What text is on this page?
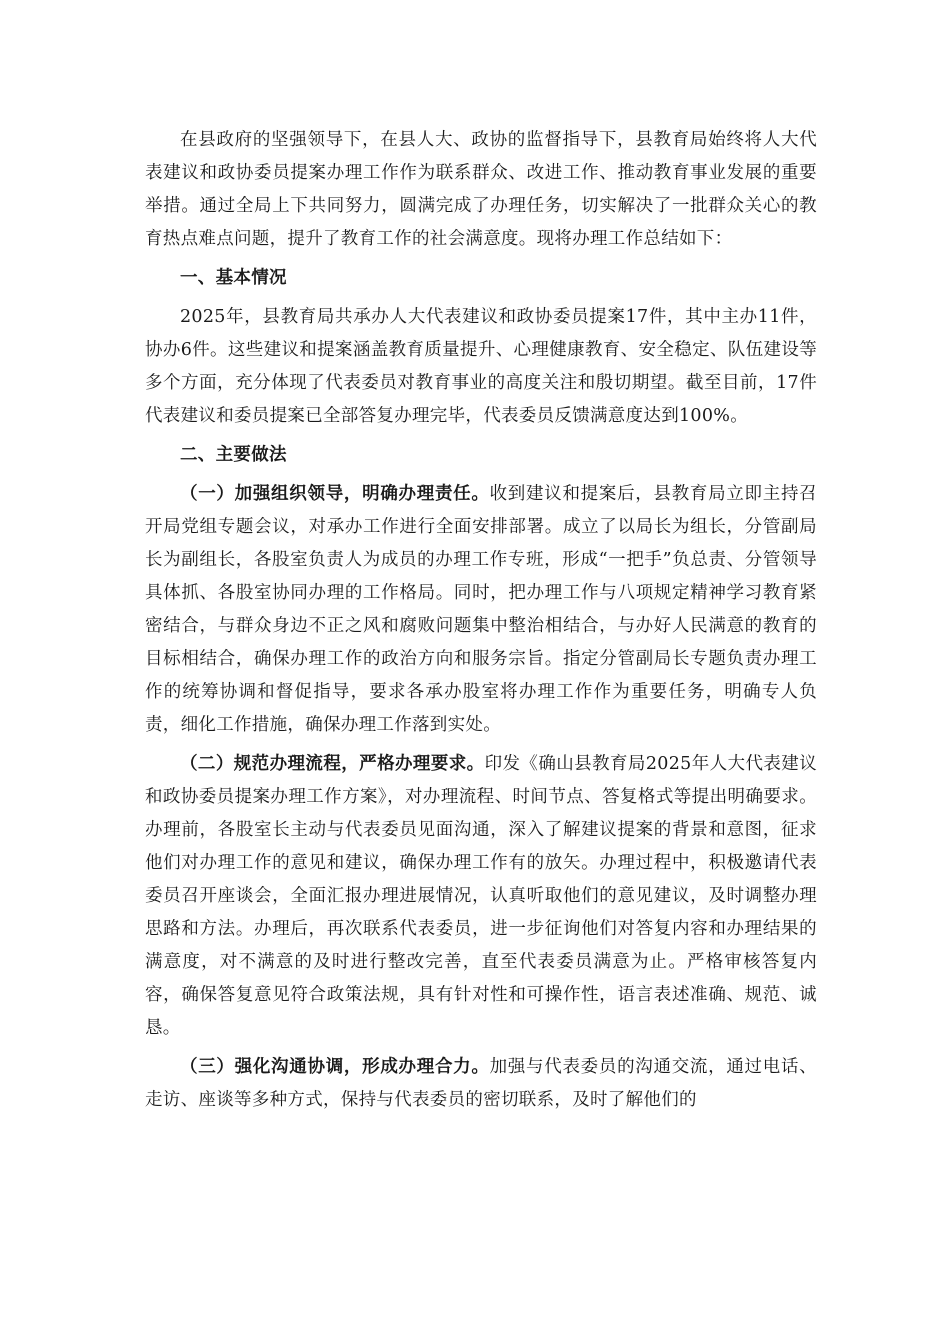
在县政府的坚强领导下，在县人大、政协的监督指导下，县教育局始终将人大代表建议和政协委员提案办理工作作为联系群众、改进工作、推动教育事业发展的重要举措。通过全局上下共同努力，圆满完成了办理任务，切实解决了一批群众关心的教育热点难点问题，提升了教育工作的社会满意度。现将办理工作总结如下：

一、基本情况

2025年，县教育局共承办人大代表建议和政协委员提案17件，其中主办11件，协办6件。这些建议和提案涵盖教育质量提升、心理健康教育、安全稳定、队伍建设等多个方面，充分体现了代表委员对教育事业的高度关注和殷切期望。截至目前，17件代表建议和委员提案已全部答复办理完毕，代表委员反馈满意度达到100%。

二、主要做法

（一）加强组织领导，明确办理责任。收到建议和提案后，县教育局立即主持召开局党组专题会议，对承办工作进行全面安排部署。成立了以局长为组长，分管副局长为副组长，各股室负责人为成员的办理工作专班，形成“一把手”负总责、分管领导具体抓、各股室协同办理的工作格局。同时，把办理工作与八项规定精神学习教育紧密结合，与群众身边不正之风和腐败问题集中整治相结合，与办好人民满意的教育的目标相结合，确保办理工作的政治方向和服务宗旨。指定分管副局长专题负责办理工作的统筹协调和督促指导，要求各承办股室将办理工作作为重要任务，明确专人负责，细化工作措施，确保办理工作落到实处。

（二）规范办理流程，严格办理要求。印发《确山县教育局2025年人大代表建议和政协委员提案办理工作方案》，对办理流程、时间节点、答复格式等提出明确要求。办理前，各股室长主动与代表委员见面沟通，深入了解建议提案的背景和意图，征求他们对办理工作的意见和建议，确保办理工作有的放矢。办理过程中，积极邀请代表委员召开座谈会，全面汇报办理进展情况，认真听取他们的意见建议，及时调整办理思路和方法。办理后，再次联系代表委员，进一步征询他们对答复内容和办理结果的满意度，对不满意的及时进行整改完善，直至代表委员满意为止。严格审核答复内容，确保答复意见符合政策法规，具有针对性和可操作性，语言表述准确、规范、诚恳。

（三）强化沟通协调，形成办理合力。加强与代表委员的沟通交流，通过电话、走访、座谈等多种方式，保持与代表委员的密切联系，及时了解他们的
